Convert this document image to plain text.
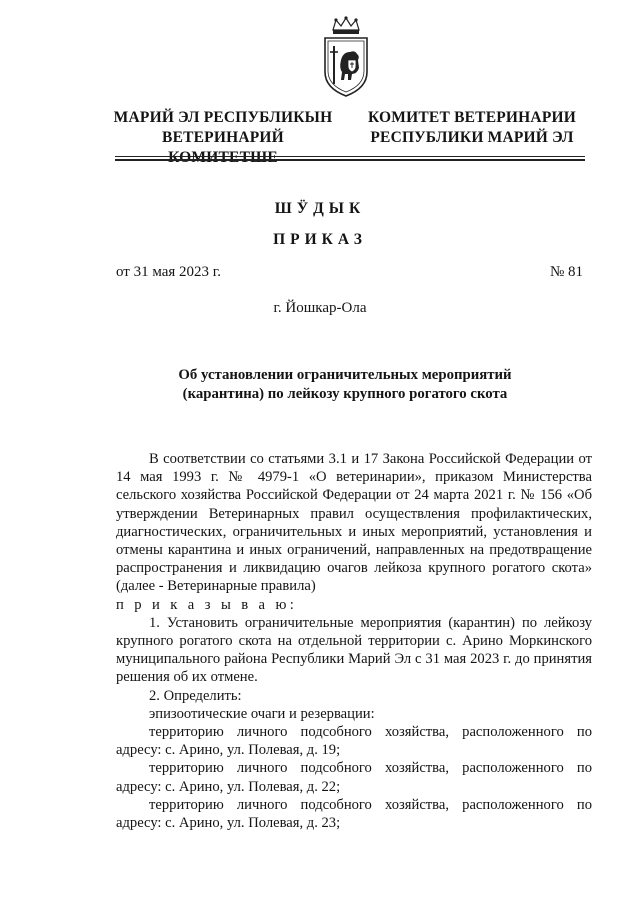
МАРИЙ ЭЛ РЕСПУБЛИКЫН
ВЕТЕРИНАРИЙ КОМИТЕТШЕ
КОМИТЕТ ВЕТЕРИНАРИИ
РЕСПУБЛИКИ МАРИЙ ЭЛ
ШӰДЫК
ПРИКАЗ
от 31 мая 2023 г.	№ 81
г. Йошкар-Ола
Об установлении ограничительных мероприятий
(карантина) по лейкозу крупного рогатого скота

В соответствии со статьями 3.1 и 17 Закона Российской Федерации от 14 мая 1993 г. № 4979-1 «О ветеринарии», приказом Министерства сельского хозяйства Российской Федерации от 24 марта 2021 г. № 156 «Об утверждении Ветеринарных правил осуществления профилактических, диагностических, ограничительных и иных мероприятий, установления и отмены карантина и иных ограничений, направленных на предотвращение распространения и ликвидацию очагов лейкоза крупного рогатого скота» (далее - Ветеринарные правила)

п р и к а з ы в а ю:

1. Установить ограничительные мероприятия (карантин) по лейкозу крупного рогатого скота на отдельной территории с. Арино Моркинского муниципального района Республики Марий Эл с 31 мая 2023 г. до принятия решения об их отмене.

2. Определить:

эпизоотические очаги и резервации:

территорию личного подсобного хозяйства, расположенного по адресу: с. Арино, ул. Полевая, д. 19;

территорию личного подсобного хозяйства, расположенного по адресу: с. Арино, ул. Полевая, д. 22;

территорию личного подсобного хозяйства, расположенного по адресу: с. Арино, ул. Полевая, д. 23;
